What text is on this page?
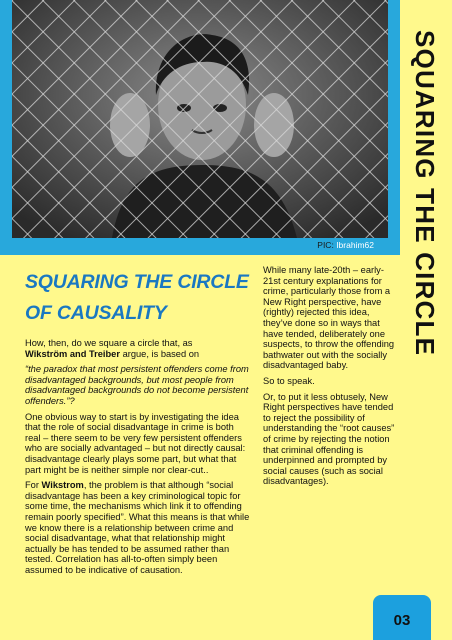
PIC: Ibrahim62
SQUARING THE CIRCLE
OF CAUSALITY

How, then, do we square a circle that, as
Wikström and Treiber argue, is based on

“the paradox that most persistent offenders come from disadvantaged backgrounds, but most people from disadvantaged backgrounds do not become persistent offenders.”?

One obvious way to start is by investigating the idea that the role of social disadvantage in crime is both real – there seem to be very few persistent offenders who are socially advantaged – but not directly causal: disadvantage clearly plays some part, but what that part might be is neither simple nor clear-cut..

For Wikstrom, the problem is that although “social disadvantage has been a key criminological topic for some time, the mechanisms which link it to offending remain poorly specified”. What this means is that while we know there is a relationship between crime and social disadvantage, what that relationship might actually be has tended to be assumed rather than tested. Correlation has all-to-often simply been assumed to be indicative of causation.

While many late-20th – early-21st century explanations for crime, particularly those from a New Right perspective, have (rightly) rejected this idea, they’ve done so in ways that have tended, deliberately one suspects, to throw the offending bathwater out with the socially disadvantaged baby.

So to speak.

Or, to put it less obtusely, New Right perspectives have tended to reject the possibility of understanding the “root causes” of crime by rejecting the notion that criminal offending is underpinned and prompted by social causes (such as social disadvantages).

SQUARING THE CIRCLE
03
